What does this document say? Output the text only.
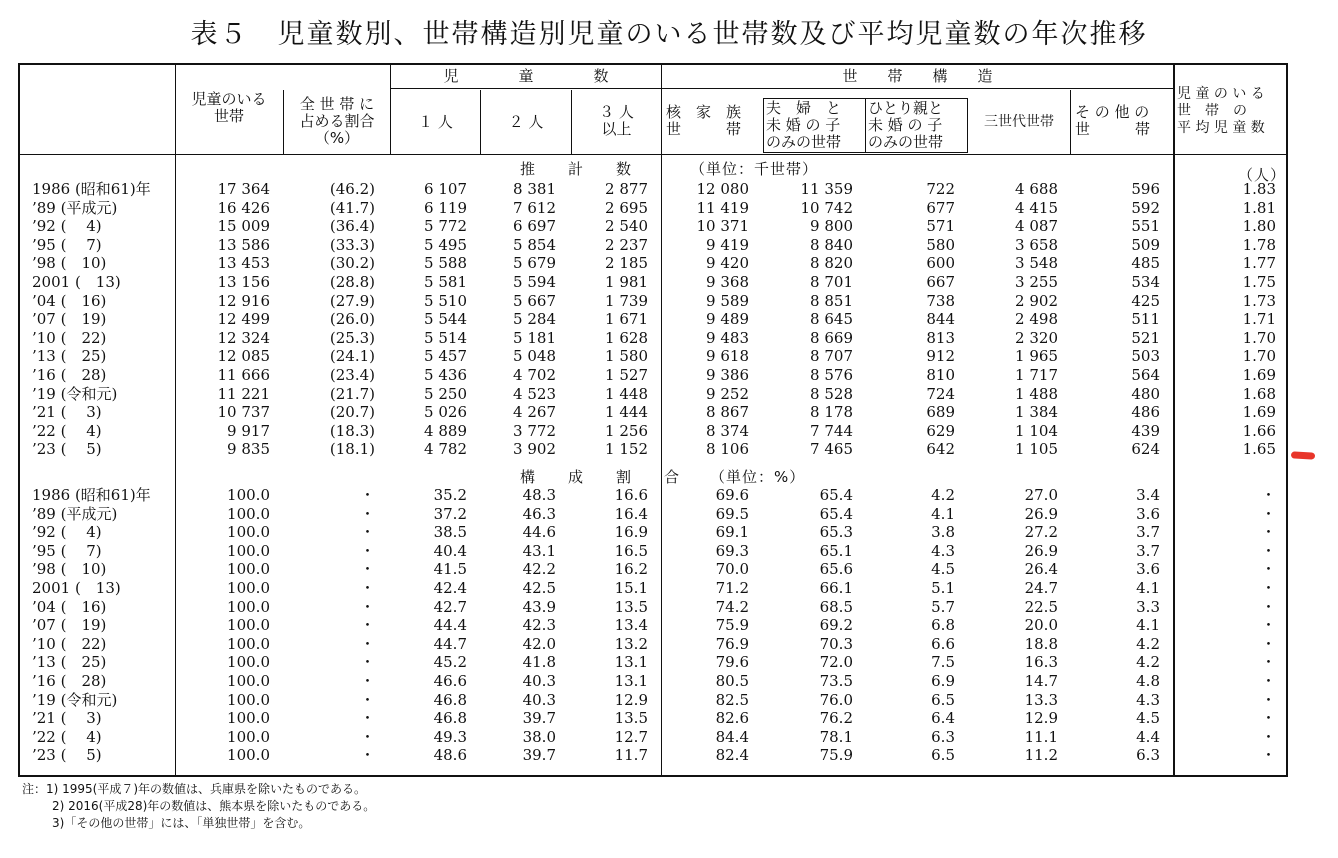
表５　児童数別、世帯構造別児童のいる世帯数及び平均児童数の年次推移
児童のいる
世帯
全 世 帯 に
占める割合
（%）
児　　　　童　　　　数
１ 人	２ 人
３ 人
以上
世　　帯　　構　　造
核　家　族
世　　　帯
夫　婦　と
未 婚 の 子
のみの世帯
ひとり親と
未 婚 の 子
のみの世帯
三世代世帯
そ の 他 の
世　　　帯
児 童 の い る
世　帯　の
平 均 児 童 数
推　　計　　数	（単位：千世帯）	（人）
1986 (昭和61)年	17 364	(46.2)	6 107	8 381	2 877	12 080	11 359	722	4 688	596	1.83
’89 (平成元)	16 426	(41.7)	6 119	7 612	2 695	11 419	10 742	677	4 415	592	1.81
’92 (　 4)	15 009	(36.4)	5 772	6 697	2 540	10 371	9 800	571	4 087	551	1.80
’95 (　 7)	13 586	(33.3)	5 495	5 854	2 237	9 419	8 840	580	3 658	509	1.78
’98 (　10)	13 453	(30.2)	5 588	5 679	2 185	9 420	8 820	600	3 548	485	1.77
2001 (　13)	13 156	(28.8)	5 581	5 594	1 981	9 368	8 701	667	3 255	534	1.75
’04 (　16)	12 916	(27.9)	5 510	5 667	1 739	9 589	8 851	738	2 902	425	1.73
’07 (　19)	12 499	(26.0)	5 544	5 284	1 671	9 489	8 645	844	2 498	511	1.71
’10 (　22)	12 324	(25.3)	5 514	5 181	1 628	9 483	8 669	813	2 320	521	1.70
’13 (　25)	12 085	(24.1)	5 457	5 048	1 580	9 618	8 707	912	1 965	503	1.70
’16 (　28)	11 666	(23.4)	5 436	4 702	1 527	9 386	8 576	810	1 717	564	1.69
’19 (令和元)	11 221	(21.7)	5 250	4 523	1 448	9 252	8 528	724	1 488	480	1.68
’21 (　 3)	10 737	(20.7)	5 026	4 267	1 444	8 867	8 178	689	1 384	486	1.69
’22 (　 4)	9 917	(18.3)	4 889	3 772	1 256	8 374	7 744	629	1 104	439	1.66
’23 (　 5)	9 835	(18.1)	4 782	3 902	1 152	8 106	7 465	642	1 105	624	1.65
構　　成　　割　　合 （単位：%）
1986 (昭和61)年	100.0	・	35.2	48.3	16.6	69.6	65.4	4.2	27.0	3.4	・
’89 (平成元)	100.0	・	37.2	46.3	16.4	69.5	65.4	4.1	26.9	3.6	・
’92 (　 4)	100.0	・	38.5	44.6	16.9	69.1	65.3	3.8	27.2	3.7	・
’95 (　 7)	100.0	・	40.4	43.1	16.5	69.3	65.1	4.3	26.9	3.7	・
’98 (　10)	100.0	・	41.5	42.2	16.2	70.0	65.6	4.5	26.4	3.6	・
2001 (　13)	100.0	・	42.4	42.5	15.1	71.2	66.1	5.1	24.7	4.1	・
’04 (　16)	100.0	・	42.7	43.9	13.5	74.2	68.5	5.7	22.5	3.3	・
’07 (　19)	100.0	・	44.4	42.3	13.4	75.9	69.2	6.8	20.0	4.1	・
’10 (　22)	100.0	・	44.7	42.0	13.2	76.9	70.3	6.6	18.8	4.2	・
’13 (　25)	100.0	・	45.2	41.8	13.1	79.6	72.0	7.5	16.3	4.2	・
’16 (　28)	100.0	・	46.6	40.3	13.1	80.5	73.5	6.9	14.7	4.8	・
’19 (令和元)	100.0	・	46.8	40.3	12.9	82.5	76.0	6.5	13.3	4.3	・
’21 (　 3)	100.0	・	46.8	39.7	13.5	82.6	76.2	6.4	12.9	4.5	・
’22 (　 4)	100.0	・	49.3	38.0	12.7	84.4	78.1	6.3	11.1	4.4	・
’23 (　 5)	100.0	・	48.6	39.7	11.7	82.4	75.9	6.5	11.2	6.3	・
注：1) 1995(平成７)年の数値は、兵庫県を除いたものである。
2) 2016(平成28)年の数値は、熊本県を除いたものである。
3)「その他の世帯」には、「単独世帯」を含む。
